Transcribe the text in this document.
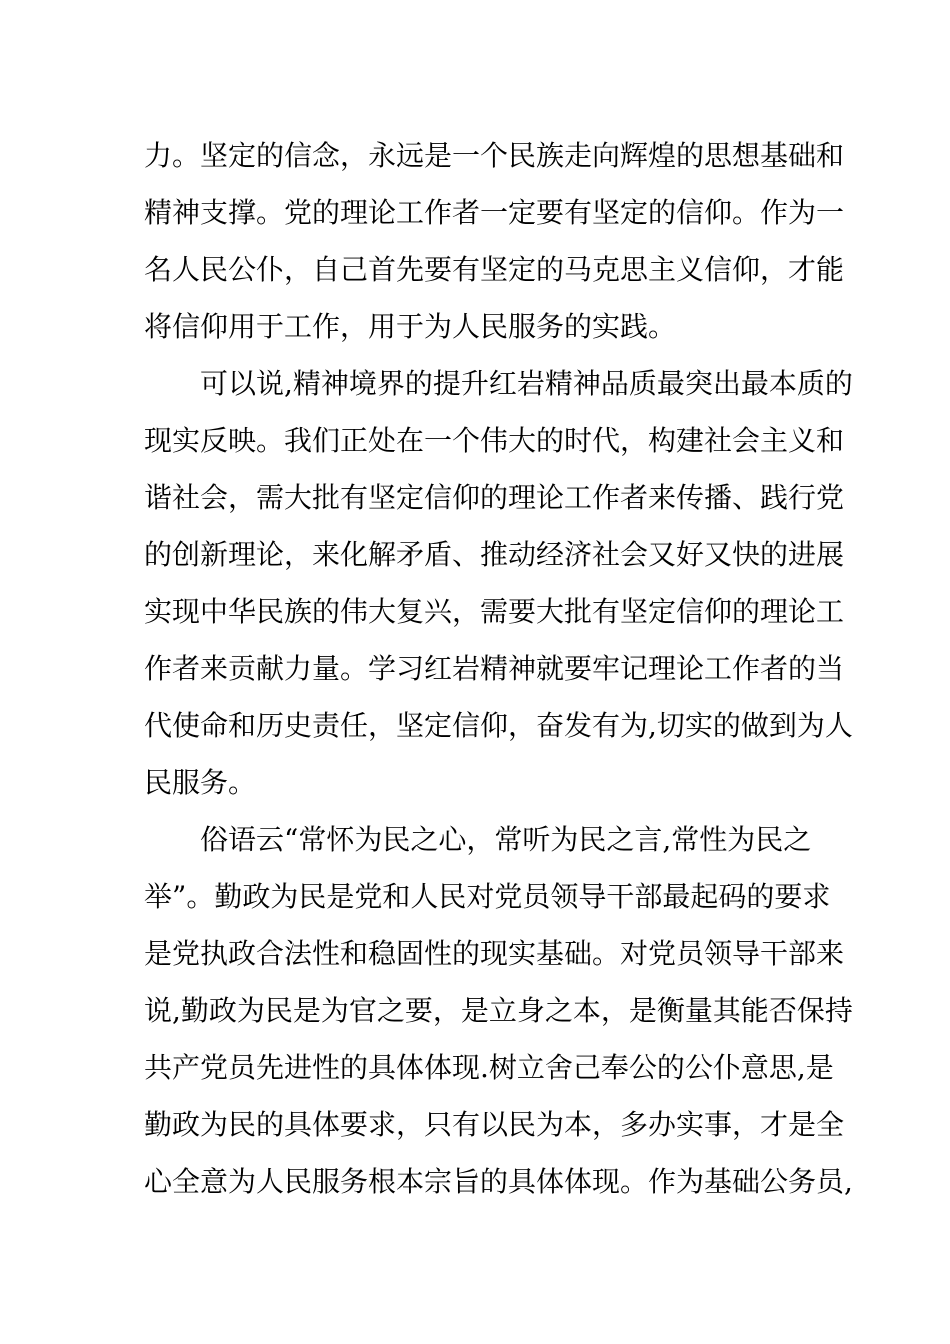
力。坚定的信念，永远是一个民族走向辉煌的思想基础和
精神支撑。党的理论工作者一定要有坚定的信仰。作为一
名人民公仆，自己首先要有坚定的马克思主义信仰，才能
将信仰用于工作，用于为人民服务的实践。
可以说,精神境界的提升红岩精神品质最突出最本质的
现实反映。我们正处在一个伟大的时代，构建社会主义和
谐社会，需大批有坚定信仰的理论工作者来传播、践行党
的创新理论，来化解矛盾、推动经济社会又好又快的进展
实现中华民族的伟大复兴，需要大批有坚定信仰的理论工
作者来贡献力量。学习红岩精神就要牢记理论工作者的当
代使命和历史责任，坚定信仰，奋发有为,切实的做到为人
民服务。
俗语云“常怀为民之心，常听为民之言,常性为民之
举”。勤政为民是党和人民对党员领导干部最起码的要求
是党执政合法性和稳固性的现实基础。对党员领导干部来
说,勤政为民是为官之要，是立身之本，是衡量其能否保持
共产党员先进性的具体体现.树立舍己奉公的公仆意思,是
勤政为民的具体要求，只有以民为本，多办实事，才是全
心全意为人民服务根本宗旨的具体体现。作为基础公务员,
